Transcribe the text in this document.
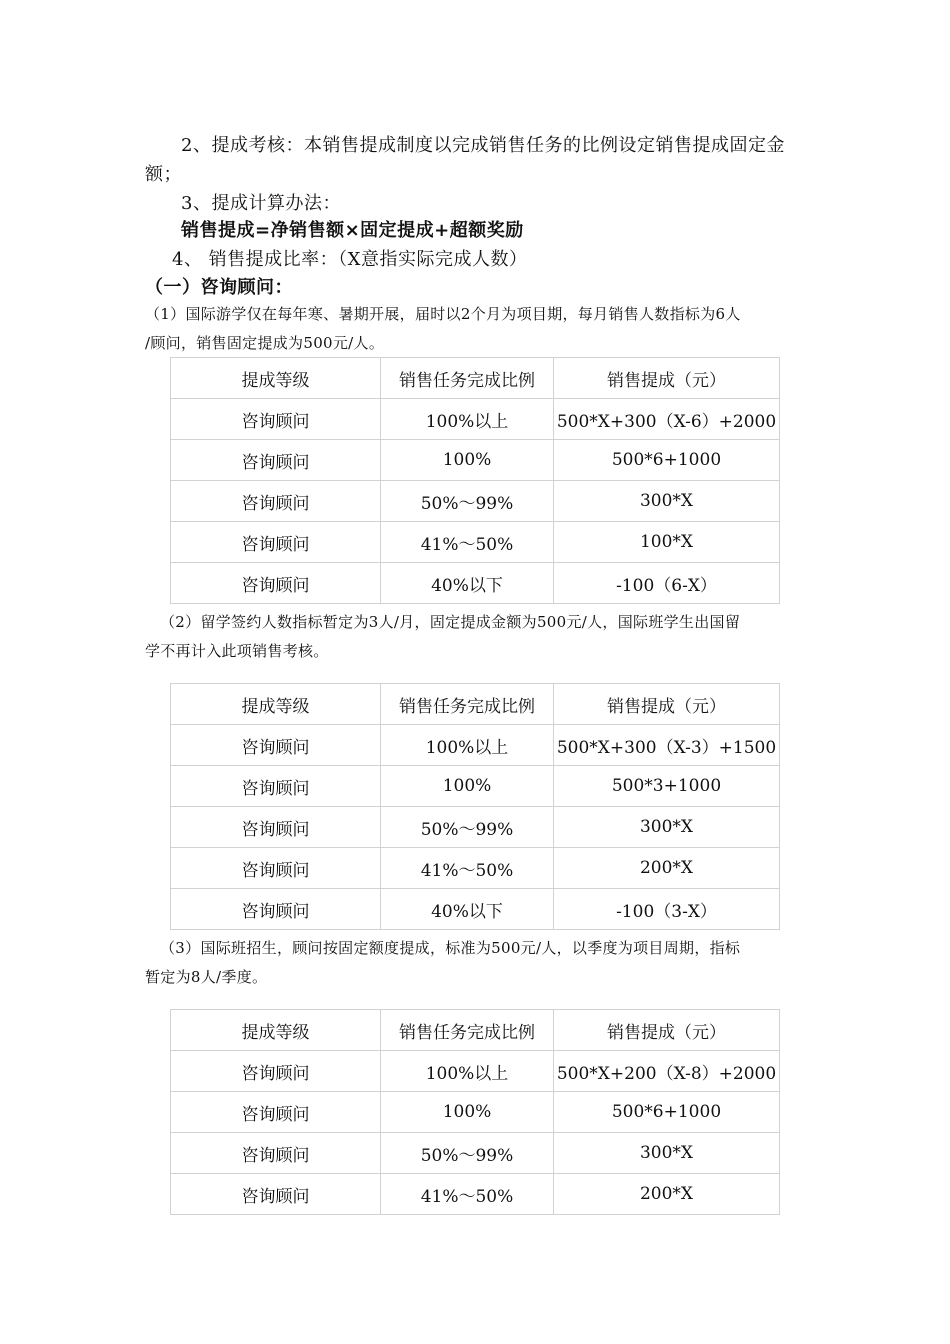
2、提成考核：本销售提成制度以完成销售任务的比例设定销售提成固定金
额；
3、提成计算办法：
销售提成=净销售额×固定提成+超额奖励
4、 销售提成比率：（X意指实际完成人数）
（一）咨询顾问：
（1）国际游学仅在每年寒、暑期开展，届时以2个月为项目期，每月销售人数指标为6人
/顾问，销售固定提成为500元/人。
提成等级	销售任务完成比例	销售提成（元）
咨询顾问	100%以上	500*X+300（X-6）+2000
咨询顾问	100%	500*6+1000
咨询顾问	50%～99%	300*X
咨询顾问	41%～50%	100*X
咨询顾问	40%以下	-100（6-X）
（2）留学签约人数指标暂定为3人/月，固定提成金额为500元/人，国际班学生出国留
学不再计入此项销售考核。
提成等级	销售任务完成比例	销售提成（元）
咨询顾问	100%以上	500*X+300（X-3）+1500
咨询顾问	100%	500*3+1000
咨询顾问	50%～99%	300*X
咨询顾问	41%～50%	200*X
咨询顾问	40%以下	-100（3-X）
（3）国际班招生，顾问按固定额度提成，标准为500元/人，以季度为项目周期，指标
暂定为8人/季度。
提成等级	销售任务完成比例	销售提成（元）
咨询顾问	100%以上	500*X+200（X-8）+2000
咨询顾问	100%	500*6+1000
咨询顾问	50%～99%	300*X
咨询顾问	41%～50%	200*X
